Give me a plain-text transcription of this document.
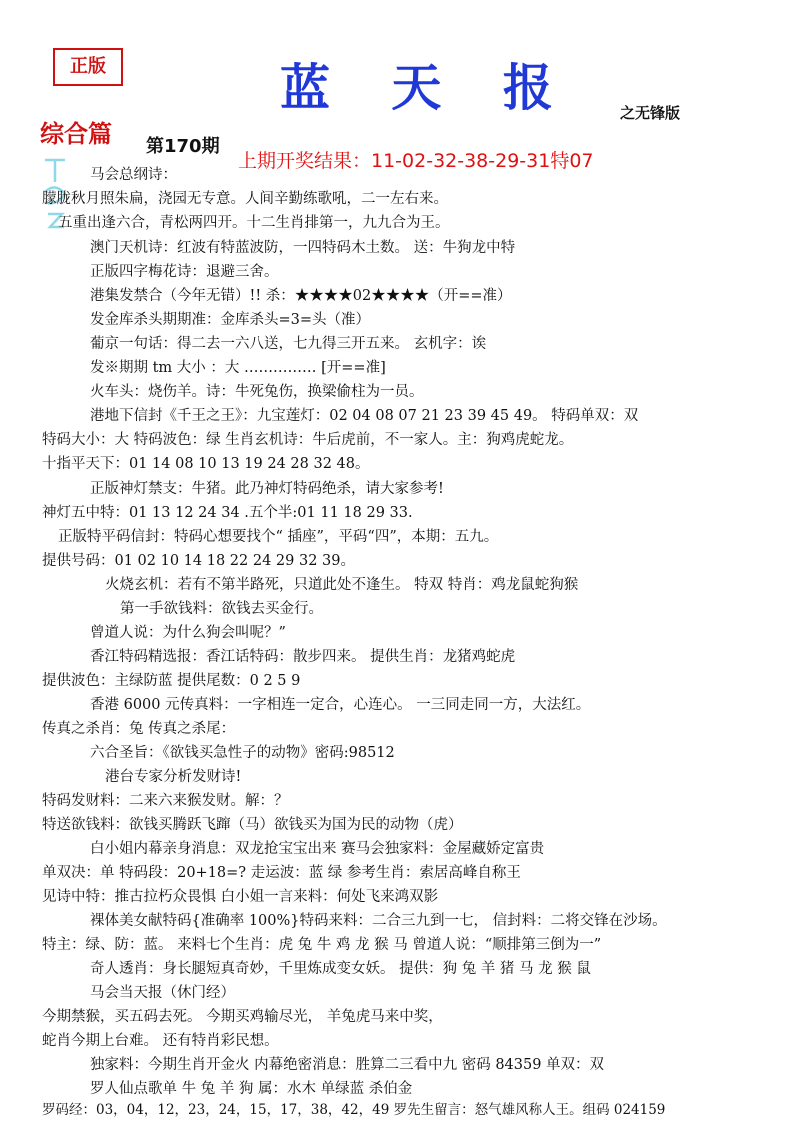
正版	蓝 天 报	之无锋版
综合篇 第170期
上期开奖结果：11-02-32-38-29-31特07
马会总纲诗：
朦胧秋月照朱扁，浇园无专意。人间辛勤练歌吼，二一左右来。
五重出逢六合，青松两四开。十二生肖排第一，九九合为王。
澳门天机诗：红波有特蓝波防，一四特码木土数。 送：牛狗龙中特
正版四字梅花诗：退避三舍。
港集发禁合（今年无错）!! 杀：★★★★02★★★★（开==准）
发金库杀头期期准：金库杀头=3=头（准）
葡京一句话：得二去一六八送，七九得三开五来。 玄机字：诶
发※期期 tm 大小 ：大 …………… [开==准]
火车头：烧伤羊。诗：牛死兔伤，换梁偷柱为一员。
港地下信封《千王之王》：九宝莲灯：02 04 08 07 21 23 39 45 49。 特码单双：双
特码大小：大 特码波色：绿 生肖玄机诗：牛后虎前，不一家人。主：狗鸡虎蛇龙。
十指平天下：01 14 08 10 13 19 24 28 32 48。
正版神灯禁支：牛猪。此乃神灯特码绝杀，请大家参考!
神灯五中特：01 13 12 24 34 .五个半:01 11 18 29 33.
正版特平码信封：特码心想要找个“ 插座”，平码“四”，本期：五九。
提供号码：01 02 10 14 18 22 24 29 32 39。
火烧玄机：若有不第半路死，只道此处不逢生。 特双 特肖：鸡龙鼠蛇狗猴
第一手欲钱料：欲钱去买金行。
曾道人说：为什么狗会叫呢？”
香江特码精选报：香江话特码：散步四来。 提供生肖：龙猪鸡蛇虎
提供波色：主绿防蓝 提供尾数：0 2 5 9
香港 6000 元传真料：一字相连一定合，心连心。 一三同走同一方，大法红。
传真之杀肖：兔 传真之杀尾：
六合圣旨：《欲钱买急性子的动物》密码:98512
港台专家分析发财诗!
特码发财料：二来六来猴发财。解：？
特送欲钱料：欲钱买腾跃飞蹿（马）欲钱买为国为民的动物（虎）
白小姐内幕亲身消息：双龙抢宝宝出来 赛马会独家料：金屋藏娇定富贵
单双决：单 特码段：20+18=? 走运波：蓝 绿 参考生肖：索居高峰自称王
见诗中特：推古拉朽众畏惧 白小姐一言来料：何处飞来鸿双影
裸体美女献特码{准确率 100%}特码来料：二合三九到一七， 信封料：二将交锋在沙场。
特主：绿、防：蓝。 来料七个生肖：虎 兔 牛 鸡 龙 猴 马 曾道人说：“顺排第三倒为一”
奇人透肖：身长腿短真奇妙，千里炼成变女妖。 提供：狗 兔 羊 猪 马 龙 猴 鼠
马会当天报（休门经）
今期禁猴，买五码去死。 今期买鸡输尽光， 羊兔虎马来中奖，
蛇肖今期上台难。 还有特肖彩民想。
独家料：今期生肖开金火 内幕绝密消息：胜算二三看中九 密码 84359 单双：双
罗人仙点歌单 牛 兔 羊 狗 属：水木 单绿蓝 杀伯金
罗码经：03，04，12，23，24，15，17，38，42，49 罗先生留言：怒气雄风称人王。组码 024159
